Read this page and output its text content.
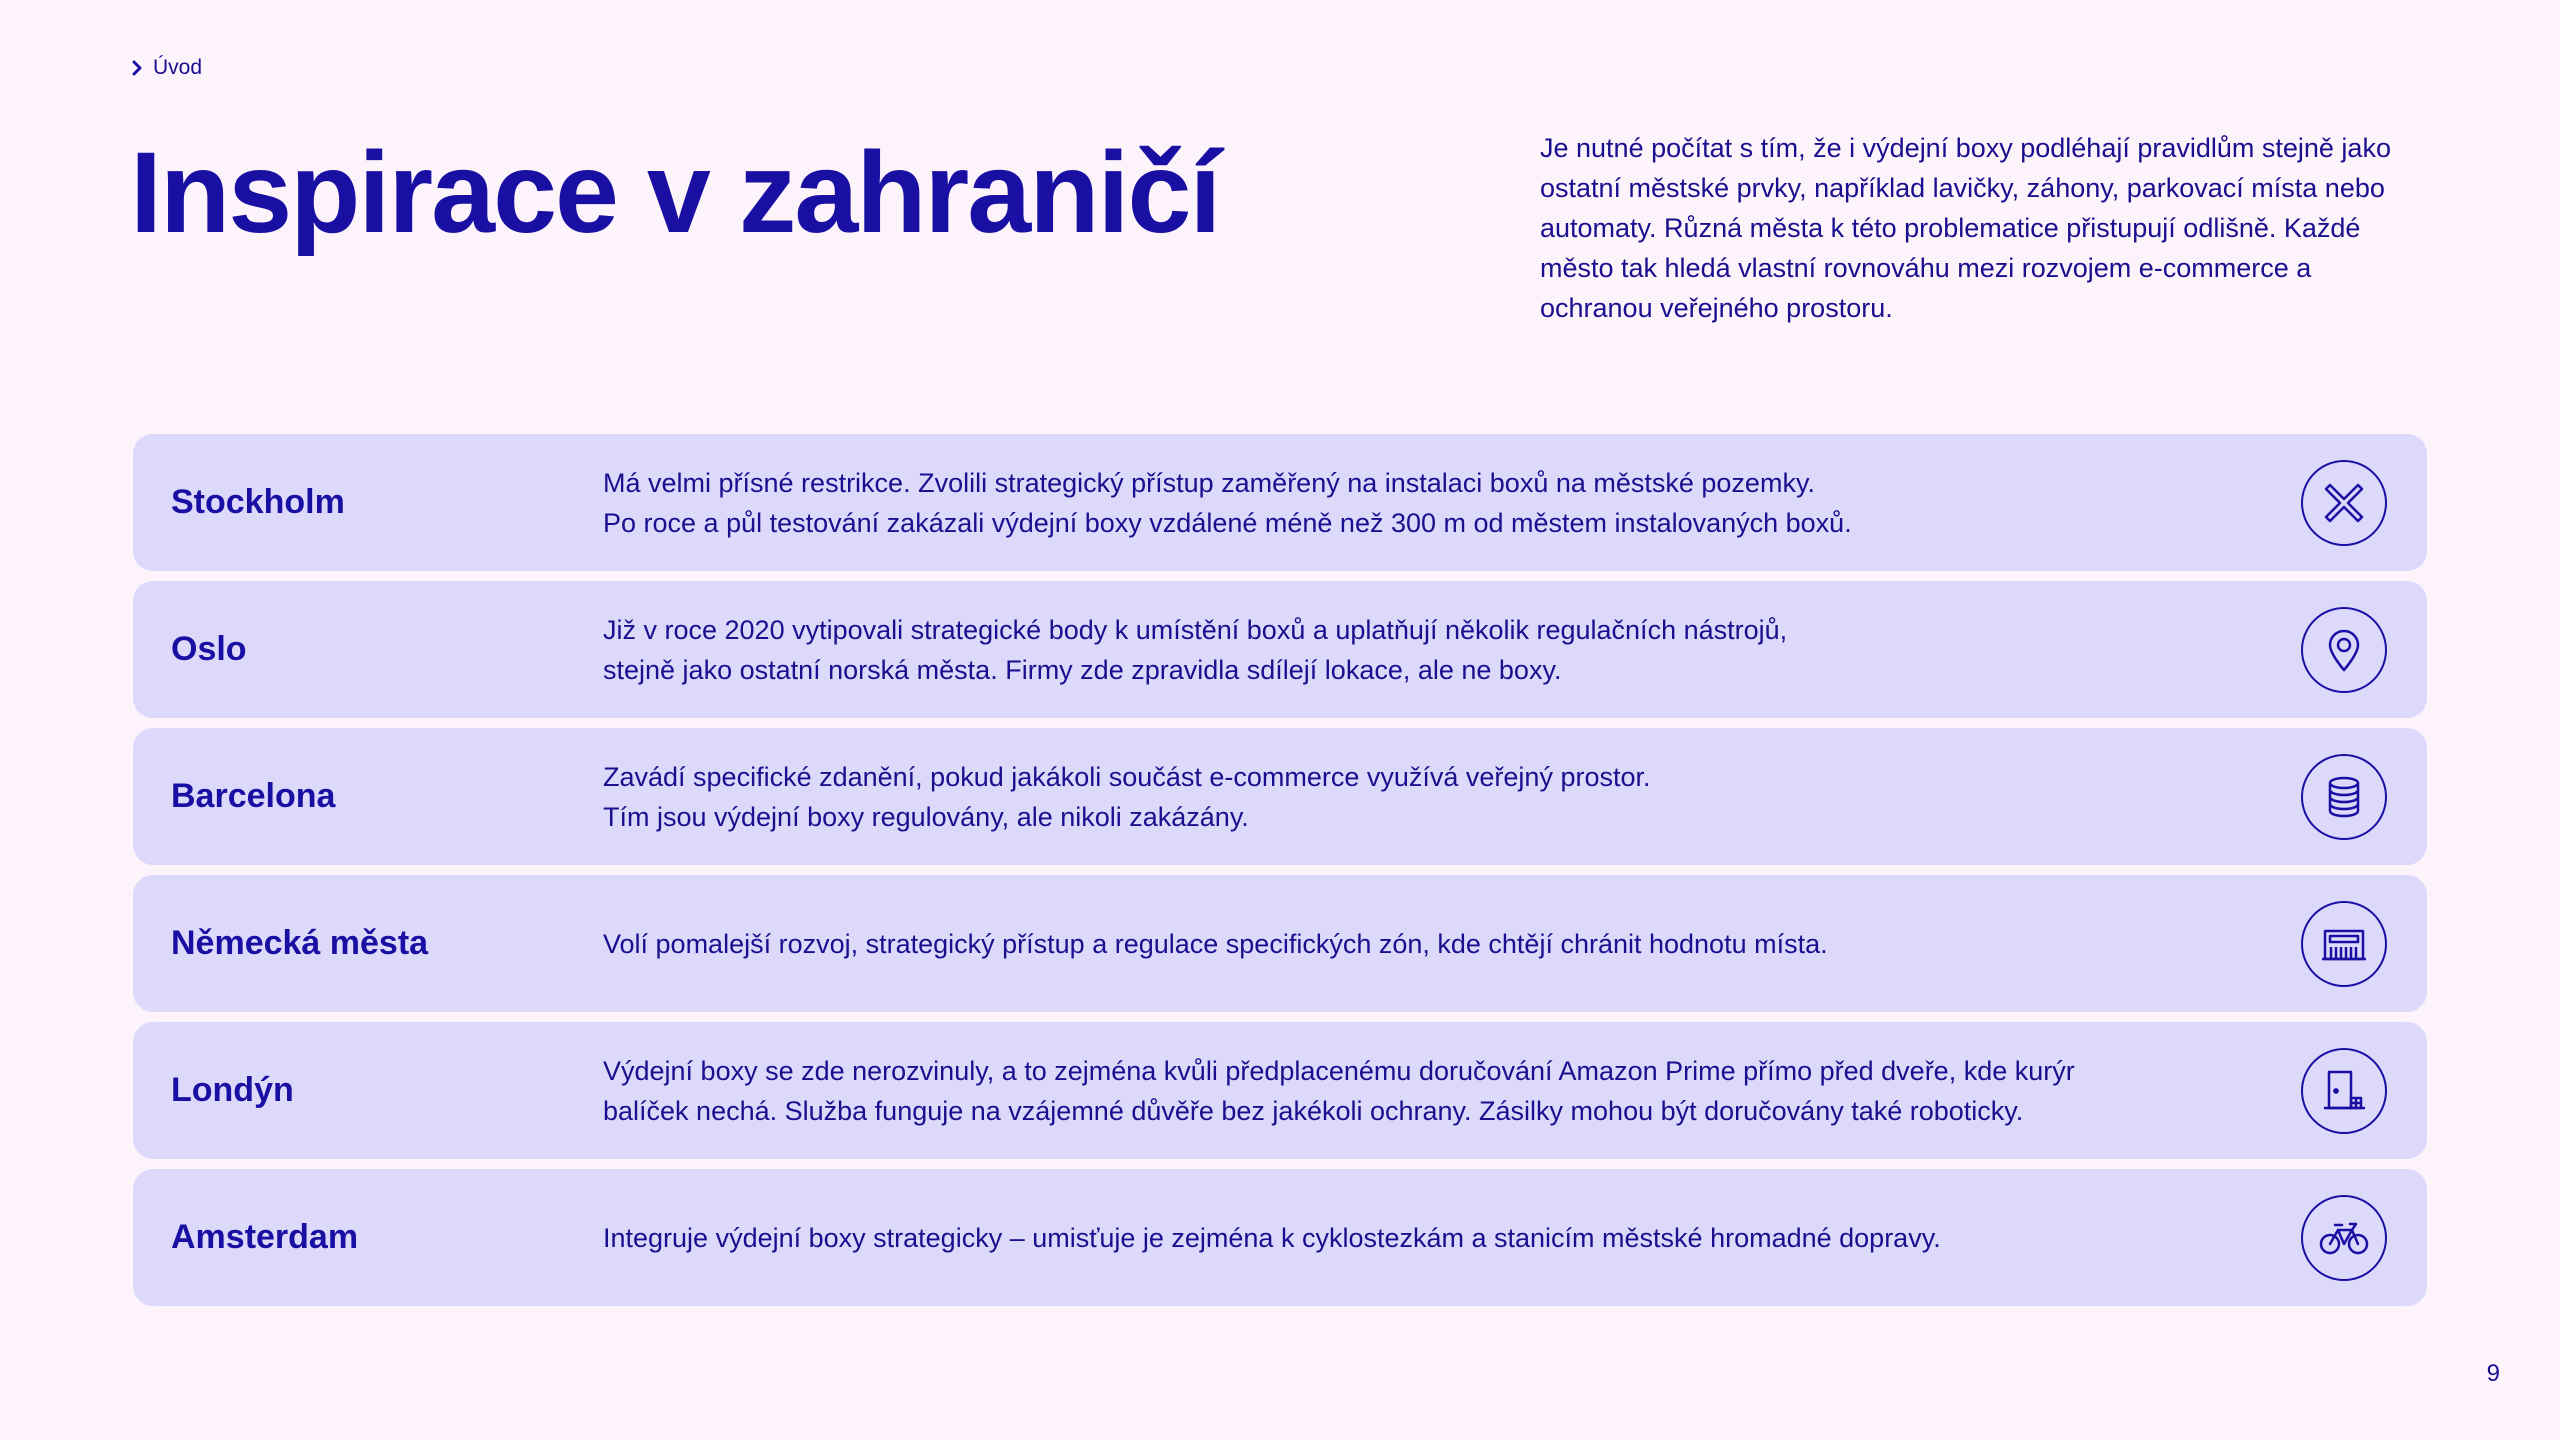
Úvod
Inspirace v zahraničí	Je nutné počítat s tím, že i výdejní boxy podléhají pravidlům stejně jako ostatní městské prvky, například lavičky, záhony, parkovací místa nebo automaty. Různá města k této problematice přistupují odlišně. Každé město tak hledá vlastní rovnováhu mezi rozvojem e-commerce a ochranou veřejného prostoru.

Stockholm
Má velmi přísné restrikce. Zvolili strategický přístup zaměřený na instalaci boxů na městské pozemky.
Po roce a půl testování zakázali výdejní boxy vzdálené méně než 300 m od městem instalovaných boxů.
Oslo
Již v roce 2020 vytipovali strategické body k umístění boxů a uplatňují několik regulačních nástrojů,
stejně jako ostatní norská města. Firmy zde zpravidla sdílejí lokace, ale ne boxy.
Barcelona
Zavádí specifické zdanění, pokud jakákoli součást e-commerce využívá veřejný prostor.
Tím jsou výdejní boxy regulovány, ale nikoli zakázány.
Německá města	Volí pomalejší rozvoj, strategický přístup a regulace specifických zón, kde chtějí chránit hodnotu místa.
Londýn
Výdejní boxy se zde nerozvinuly, a to zejména kvůli předplacenému doručování Amazon Prime přímo před dveře, kde kurýr
balíček nechá. Služba funguje na vzájemné důvěře bez jakékoli ochrany. Zásilky mohou být doručovány také roboticky.
Amsterdam	Integruje výdejní boxy strategicky – umisťuje je zejména k cyklostezkám a stanicím městské hromadné dopravy.
9
